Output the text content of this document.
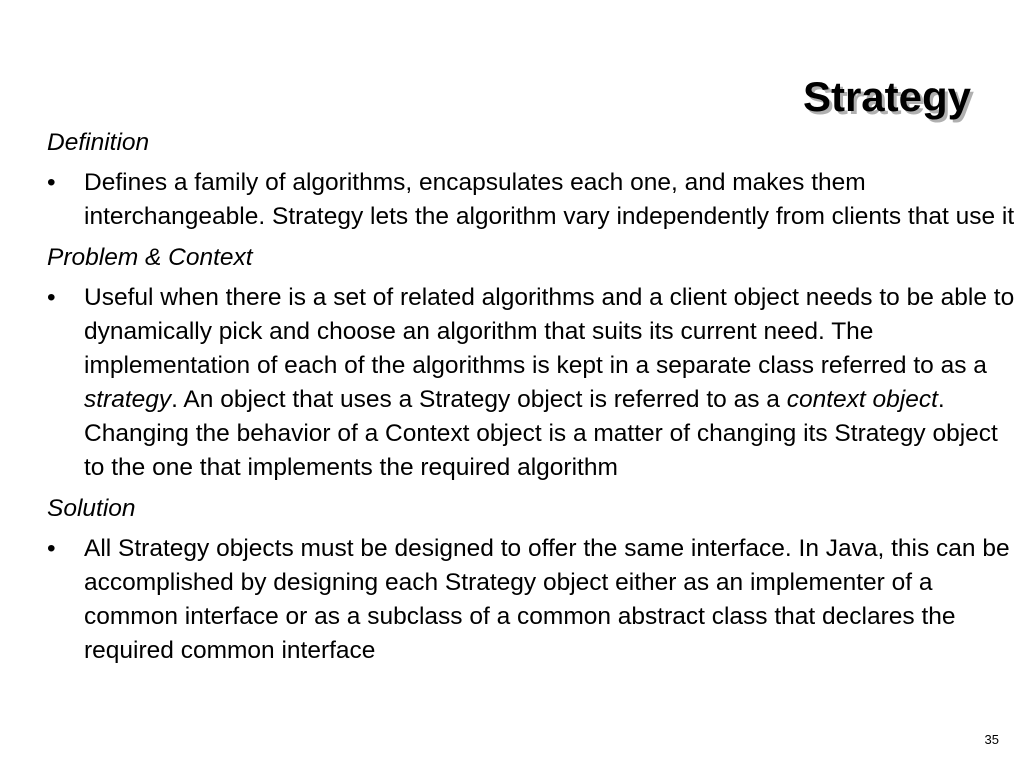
Strategy

Definition

•	Defines a family of algorithms, encapsulates each one, and makes them interchangeable. Strategy lets the algorithm vary independently from clients that use it

Problem & Context

•	Useful when there is a set of related algorithms and a client object needs to be able to dynamically pick and choose an algorithm that suits its current need. The implementation of each of the algorithms is kept in a separate class referred to as a strategy. An object that uses a Strategy object is referred to as a context object. Changing the behavior of a Context object is a matter of changing its Strategy object to the one that implements the required algorithm

Solution

•	All Strategy objects must be designed to offer the same interface. In Java, this can be accomplished by designing each Strategy object either as an implementer of a common interface or as a subclass of a common abstract class that declares the required common interface
35
